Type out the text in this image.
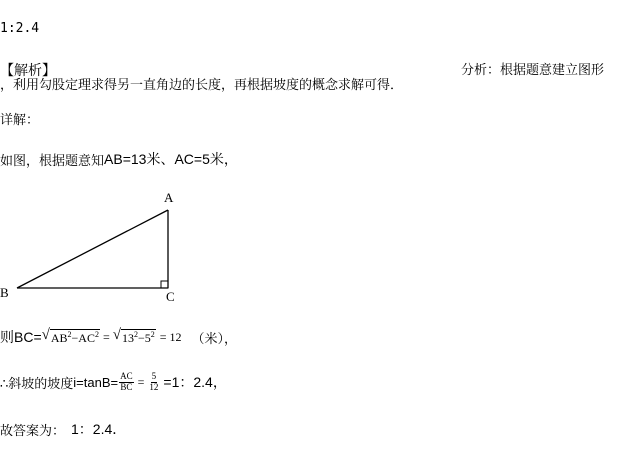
1:2.4
【解析】	分析：根据题意建立图形
，利用勾股定理求得另一直角边的长度，再根据坡度的概念求解可得．
详解：
如图，根据题意知 AB=13米、AC=5米，
A
B	C
则BC= √ $AB^2-AC^2$ = √ $13^2-5^2 = 12$ （米），
∴斜坡的坡度 $i=\tan B= \frac{AC}{BC} = \frac{5}{12} =1$：2.4，
故答案为： 1：2.4．
